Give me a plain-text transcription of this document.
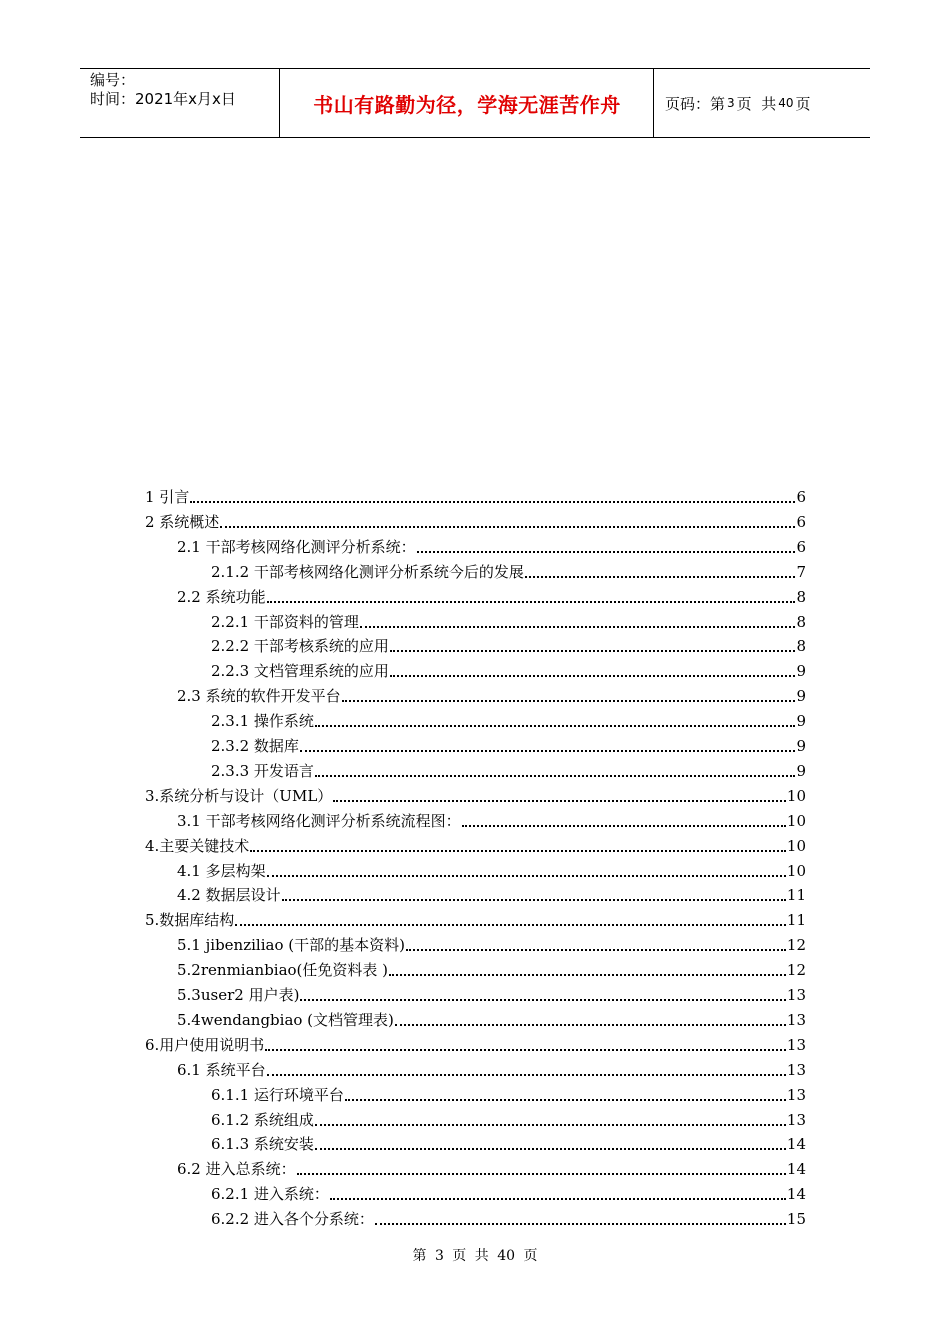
编号：
时间：2021年x月x日	书山有路勤为径，学海无涯苦作舟	页码：第 3 页  共 40 页
1 引言	6
2 系统概述	6
2.1 干部考核网络化测评分析系统：	6
2.1.2 干部考核网络化测评分析系统今后的发展	7
2.2 系统功能	8
2.2.1 干部资料的管理	8
2.2.2 干部考核系统的应用	8
2.2.3 文档管理系统的应用	9
2.3 系统的软件开发平台	9
2.3.1 操作系统	9
2.3.2 数据库	9
2.3.3 开发语言	9
3.系统分析与设计（UML）	10
3.1 干部考核网络化测评分析系统流程图：	10
4.主要关键技术	10
4.1 多层构架	10
4.2 数据层设计	11
5.数据库结构	11
5.1 jibenziliao (干部的基本资料)	12
5.2renmianbiao(任免资料表 )	12
5.3user2 用户表)	13
5.4wendangbiao (文档管理表)	13
6.用户使用说明书	13
6.1 系统平台	13
6.1.1 运行环境平台	13
6.1.2 系统组成	13
6.1.3 系统安装	14
6.2 进入总系统：	14
6.2.1 进入系统：	14
6.2.2 进入各个分系统：	15
第 3 页 共 40 页
